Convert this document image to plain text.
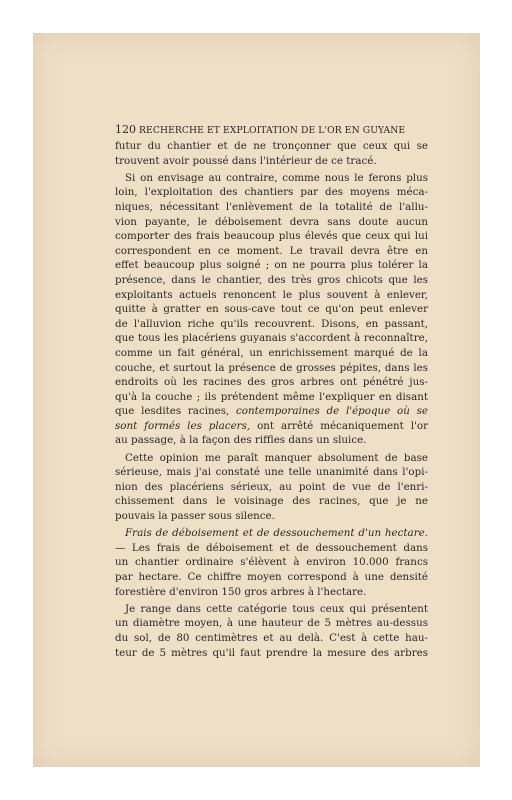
120 RECHERCHE ET EXPLOITATION DE L'OR EN GUYANE
futur du chantier et de ne tronçonner que ceux qui se
trouvent avoir poussé dans l'intérieur de ce tracé.
Si on envisage au contraire, comme nous le ferons plus
loin, l'exploitation des chantiers par des moyens méca-
niques, nécessitant l'enlèvement de la totalité de l'allu-
vion payante, le déboisement devra sans doute aucun
comporter des frais beaucoup plus élevés que ceux qui lui
correspondent en ce moment. Le travail devra être en
effet beaucoup plus soigné ; on ne pourra plus tolérer la
présence, dans le chantier, des très gros chicots que les
exploitants actuels renoncent le plus souvent à enlever,
quitte à gratter en sous-cave tout ce qu'on peut enlever
de l'alluvion riche qu'ils recouvrent. Disons, en passant,
que tous les placériens guyanais s'accordent à reconnaître,
comme un fait général, un enrichissement marqué de la
couche, et surtout la présence de grosses pépites, dans les
endroits où les racines des gros arbres ont pénétré jus-
qu'à la couche ; ils prétendent même l'expliquer en disant
que lesdites racines, contemporaines de l'époque où se
sont formés les placers, ont arrêté mécaniquement l'or
au passage, à la façon des riffles dans un sluice.
Cette opinion me paraît manquer absolument de base
sérieuse, mais j'ai constaté une telle unanimité dans l'opi-
nion des placériens sérieux, au point de vue de l'enri-
chissement dans le voisinage des racines, que je ne
pouvais la passer sous silence.
Frais de déboisement et de dessouchement d'un hectare.
— Les frais de déboisement et de dessouchement dans
un chantier ordinaire s'élèvent à environ 10.000 francs
par hectare. Ce chiffre moyen correspond à une densité
forestière d'environ 150 gros arbres à l'hectare.
Je range dans cette catégorie tous ceux qui présentent
un diamètre moyen, à une hauteur de 5 mètres au-dessus
du sol, de 80 centimètres et au delà. C'est à cette hau-
teur de 5 mètres qu'il faut prendre la mesure des arbres
